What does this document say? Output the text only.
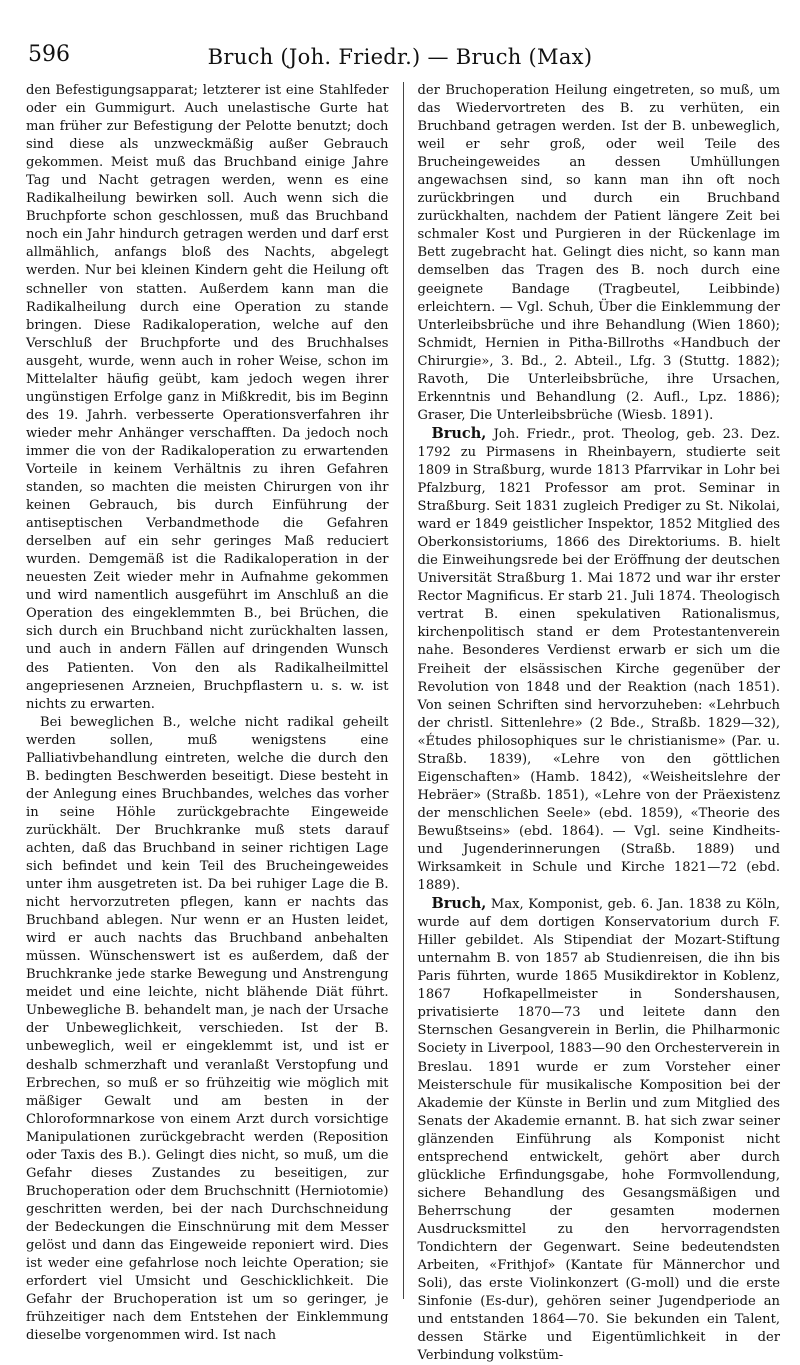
596	Bruch (Joh. Friedr.) — Bruch (Max)

den Befestigungsapparat; letzterer ist eine Stahlfeder oder ein Gummigurt. Auch unelastische Gurte hat man früher zur Befestigung der Pelotte benutzt; doch sind diese als unzweckmäßig außer Gebrauch gekommen. Meist muß das Bruchband einige Jahre Tag und Nacht getragen werden, wenn es eine Radikalheilung bewirken soll. Auch wenn sich die Bruchpforte schon geschlossen, muß das Bruchband noch ein Jahr hindurch getragen werden und darf erst allmählich, anfangs bloß des Nachts, abgelegt werden. Nur bei kleinen Kindern geht die Heilung oft schneller von statten. Außerdem kann man die Radikalheilung durch eine Operation zu stande bringen. Diese Radikaloperation, welche auf den Verschluß der Bruchpforte und des Bruchhalses ausgeht, wurde, wenn auch in roher Weise, schon im Mittelalter häufig geübt, kam jedoch wegen ihrer ungünstigen Erfolge ganz in Mißkredit, bis im Beginn des 19. Jahrh. verbesserte Operationsverfahren ihr wieder mehr Anhänger verschafften. Da jedoch noch immer die von der Radikaloperation zu erwartenden Vorteile in keinem Verhältnis zu ihren Gefahren standen, so machten die meisten Chirurgen von ihr keinen Gebrauch, bis durch Einführung der antiseptischen Verbandmethode die Gefahren derselben auf ein sehr geringes Maß reduciert wurden. Demgemäß ist die Radikaloperation in der neuesten Zeit wieder mehr in Aufnahme gekommen und wird namentlich ausgeführt im Anschluß an die Operation des eingeklemmten B., bei Brüchen, die sich durch ein Bruchband nicht zurückhalten lassen, und auch in andern Fällen auf dringenden Wunsch des Patienten. Von den als Radikalheilmittel angepriesenen Arzneien, Bruchpflastern u. s. w. ist nichts zu erwarten.

Bei beweglichen B., welche nicht radikal geheilt werden sollen, muß wenigstens eine Palliativbehandlung eintreten, welche die durch den B. bedingten Beschwerden beseitigt. Diese besteht in der Anlegung eines Bruchbandes, welches das vorher in seine Höhle zurückgebrachte Eingeweide zurückhält. Der Bruchkranke muß stets darauf achten, daß das Bruchband in seiner richtigen Lage sich befindet und kein Teil des Brucheingeweides unter ihm ausgetreten ist. Da bei ruhiger Lage die B. nicht hervorzutreten pflegen, kann er nachts das Bruchband ablegen. Nur wenn er an Husten leidet, wird er auch nachts das Bruchband anbehalten müssen. Wünschenswert ist es außerdem, daß der Bruchkranke jede starke Bewegung und Anstrengung meidet und eine leichte, nicht blähende Diät führt. Unbewegliche B. behandelt man, je nach der Ursache der Unbeweglichkeit, verschieden. Ist der B. unbeweglich, weil er eingeklemmt ist, und ist er deshalb schmerzhaft und veranlaßt Verstopfung und Erbrechen, so muß er so frühzeitig wie möglich mit mäßiger Gewalt und am besten in der Chloroformnarkose von einem Arzt durch vorsichtige Manipulationen zurückgebracht werden (Reposition oder Taxis des B.). Gelingt dies nicht, so muß, um die Gefahr dieses Zustandes zu beseitigen, zur Bruchoperation oder dem Bruchschnitt (Herniotomie) geschritten werden, bei der nach Durchschneidung der Bedeckungen die Einschnürung mit dem Messer gelöst und dann das Eingeweide reponiert wird. Dies ist weder eine gefahrlose noch leichte Operation; sie erfordert viel Umsicht und Geschicklichkeit. Die Gefahr der Bruchoperation ist um so geringer, je frühzeitiger nach dem Entstehen der Einklemmung dieselbe vorgenommen wird. Ist nach

der Bruchoperation Heilung eingetreten, so muß, um das Wiedervortreten des B. zu verhüten, ein Bruchband getragen werden. Ist der B. unbeweglich, weil er sehr groß, oder weil Teile des Brucheingeweides an dessen Umhüllungen angewachsen sind, so kann man ihn oft noch zurückbringen und durch ein Bruchband zurückhalten, nachdem der Patient längere Zeit bei schmaler Kost und Purgieren in der Rückenlage im Bett zugebracht hat. Gelingt dies nicht, so kann man demselben das Tragen des B. noch durch eine geeignete Bandage (Tragbeutel, Leibbinde) erleichtern. — Vgl. Schuh, Über die Einklemmung der Unterleibsbrüche und ihre Behandlung (Wien 1860); Schmidt, Hernien in Pitha-Billroths «Handbuch der Chirurgie», 3. Bd., 2. Abteil., Lfg. 3 (Stuttg. 1882); Ravoth, Die Unterleibsbrüche, ihre Ursachen, Erkenntnis und Behandlung (2. Aufl., Lpz. 1886); Graser, Die Unterleibsbrüche (Wiesb. 1891).

Bruch, Joh. Friedr., prot. Theolog, geb. 23. Dez. 1792 zu Pirmasens in Rheinbayern, studierte seit 1809 in Straßburg, wurde 1813 Pfarrvikar in Lohr bei Pfalzburg, 1821 Professor am prot. Seminar in Straßburg. Seit 1831 zugleich Prediger zu St. Nikolai, ward er 1849 geistlicher Inspektor, 1852 Mitglied des Oberkonsistoriums, 1866 des Direktoriums. B. hielt die Einweihungsrede bei der Eröffnung der deutschen Universität Straßburg 1. Mai 1872 und war ihr erster Rector Magnificus. Er starb 21. Juli 1874. Theologisch vertrat B. einen spekulativen Rationalismus, kirchenpolitisch stand er dem Protestantenverein nahe. Besonderes Verdienst erwarb er sich um die Freiheit der elsässischen Kirche gegenüber der Revolution von 1848 und der Reaktion (nach 1851). Von seinen Schriften sind hervorzuheben: «Lehrbuch der christl. Sittenlehre» (2 Bde., Straßb. 1829—32), «Études philosophiques sur le christianisme» (Par. u. Straßb. 1839), «Lehre von den göttlichen Eigenschaften» (Hamb. 1842), «Weisheitslehre der Hebräer» (Straßb. 1851), «Lehre von der Präexistenz der menschlichen Seele» (ebd. 1859), «Theorie des Bewußtseins» (ebd. 1864). — Vgl. seine Kindheits- und Jugenderinnerungen (Straßb. 1889) und Wirksamkeit in Schule und Kirche 1821—72 (ebd. 1889).

Bruch, Max, Komponist, geb. 6. Jan. 1838 zu Köln, wurde auf dem dortigen Konservatorium durch F. Hiller gebildet. Als Stipendiat der Mozart-Stiftung unternahm B. von 1857 ab Studienreisen, die ihn bis Paris führten, wurde 1865 Musikdirektor in Koblenz, 1867 Hofkapellmeister in Sondershausen, privatisierte 1870—73 und leitete dann den Sternschen Gesangverein in Berlin, die Philharmonic Society in Liverpool, 1883—90 den Orchesterverein in Breslau. 1891 wurde er zum Vorsteher einer Meisterschule für musikalische Komposition bei der Akademie der Künste in Berlin und zum Mitglied des Senats der Akademie ernannt. B. hat sich zwar seiner glänzenden Einführung als Komponist nicht entsprechend entwickelt, gehört aber durch glückliche Erfindungsgabe, hohe Formvollendung, sichere Behandlung des Gesangsmäßigen und Beherrschung der gesamten modernen Ausdrucksmittel zu den hervorragendsten Tondichtern der Gegenwart. Seine bedeutendsten Arbeiten, «Frithjof» (Kantate für Männerchor und Soli), das erste Violinkonzert (G-moll) und die erste Sinfonie (Es-dur), gehören seiner Jugendperiode an und entstanden 1864—70. Sie bekunden ein Talent, dessen Stärke und Eigentümlichkeit in der Verbindung volkstüm-
